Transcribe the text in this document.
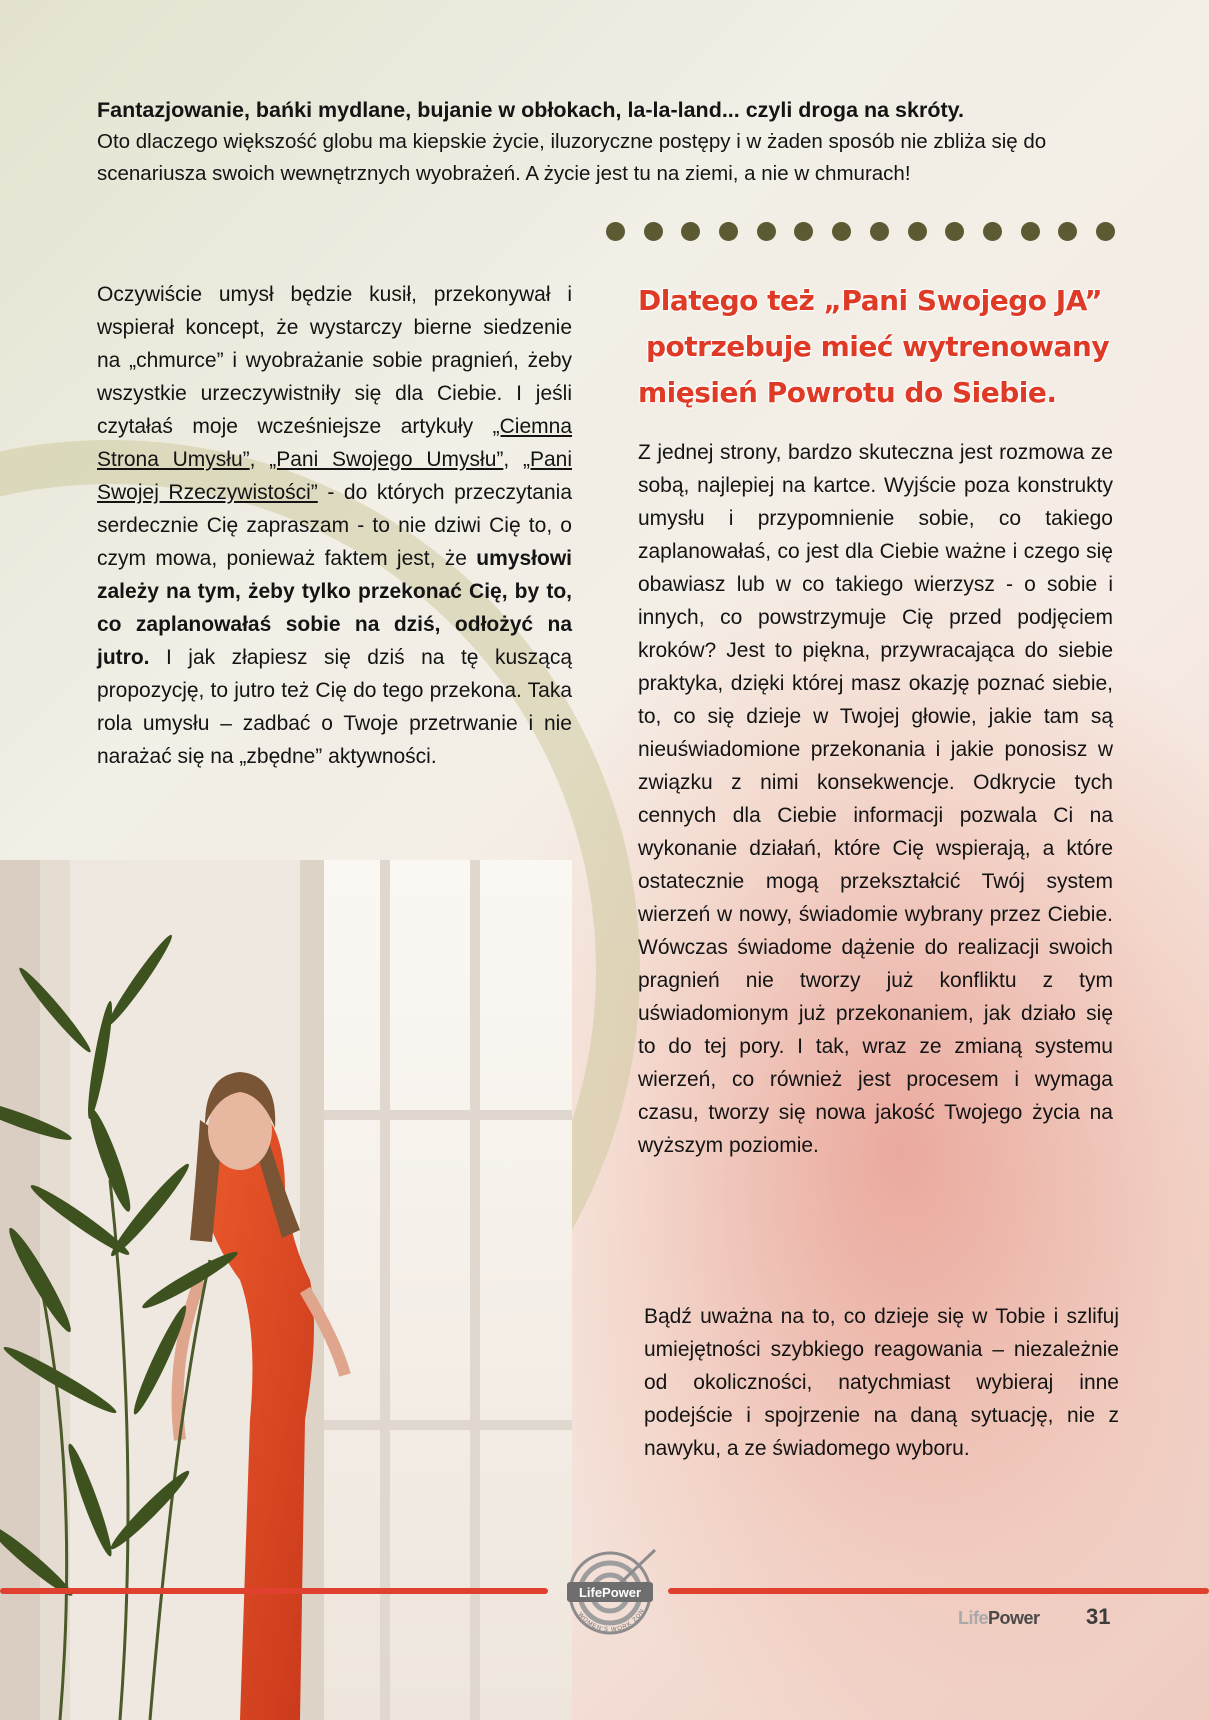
Fantazjowanie, bańki mydlane, bujanie w obłokach, la-la-land... czyli droga na skróty.
Oto dlaczego większość globu ma kiepskie życie, iluzoryczne postępy i w żaden sposób nie zbliża się do scenariusza swoich wewnętrznych wyobrażeń. A życie jest tu na ziemi, a nie w chmurach!

Oczywiście umysł będzie kusił, przekonywał i wspierał koncept, że wystarczy bierne siedzenie na „chmurce” i wyobrażanie sobie pragnień, żeby wszystkie urzeczywistniły się dla Ciebie. I jeśli czytałaś moje wcześniejsze artykuły „Ciemna Strona Umysłu”, „Pani Swojego Umysłu”, „Pani Swojej Rzeczywistości” - do których przeczytania serdecznie Cię zapraszam - to nie dziwi Cię to, o czym mowa, ponieważ faktem jest, że umysłowi zależy na tym, żeby tylko przekonać Cię, by to, co zaplanowałaś sobie na dziś, odłożyć na jutro. I jak złapiesz się dziś na tę kuszącą propozycję, to jutro też Cię do tego przekona. Taka rola umysłu – zadbać o Twoje przetrwanie i nie narażać się na „zbędne” aktywności.

Dlatego też „Pani Swojego JA”
potrzebuje mieć wytrenowany
mięsień Powrotu do Siebie.

Z jednej strony, bardzo skuteczna jest rozmowa ze sobą, najlepiej na kartce. Wyjście poza konstrukty umysłu i przypomnienie sobie, co takiego zaplanowałaś, co jest dla Ciebie ważne i czego się obawiasz lub w co takiego wierzysz - o sobie i innych, co powstrzymuje Cię przed podjęciem kroków? Jest to piękna, przywracająca do siebie praktyka, dzięki której masz okazję poznać siebie, to, co się dzieje w Twojej głowie, jakie tam są nieuświadomione przekonania i jakie ponosisz w związku z nimi konsekwencje. Odkrycie tych cennych dla Ciebie informacji pozwala Ci na wykonanie działań, które Cię wspierają, a które ostatecznie mogą przekształcić Twój system wierzeń w nowy, świadomie wybrany przez Ciebie. Wówczas świadome dążenie do realizacji swoich pragnień nie tworzy już konfliktu z tym uświadomionym już przekonaniem, jak działo się to do tej pory. I tak, wraz ze zmianą systemu wierzeń, co również jest procesem i wymaga czasu, tworzy się nowa jakość Twojego życia na wyższym poziomie.

Bądź uważna na to, co dzieje się w Tobie i szlifuj umiejętności szybkiego reagowania – niezależnie od okoliczności, natychmiast wybieraj inne podejście i spojrzenie na daną sytuację, nie z nawyku, a ze świadomego wyboru.

LifePower
WOMEN'S WORK ZON	LifePower 31
